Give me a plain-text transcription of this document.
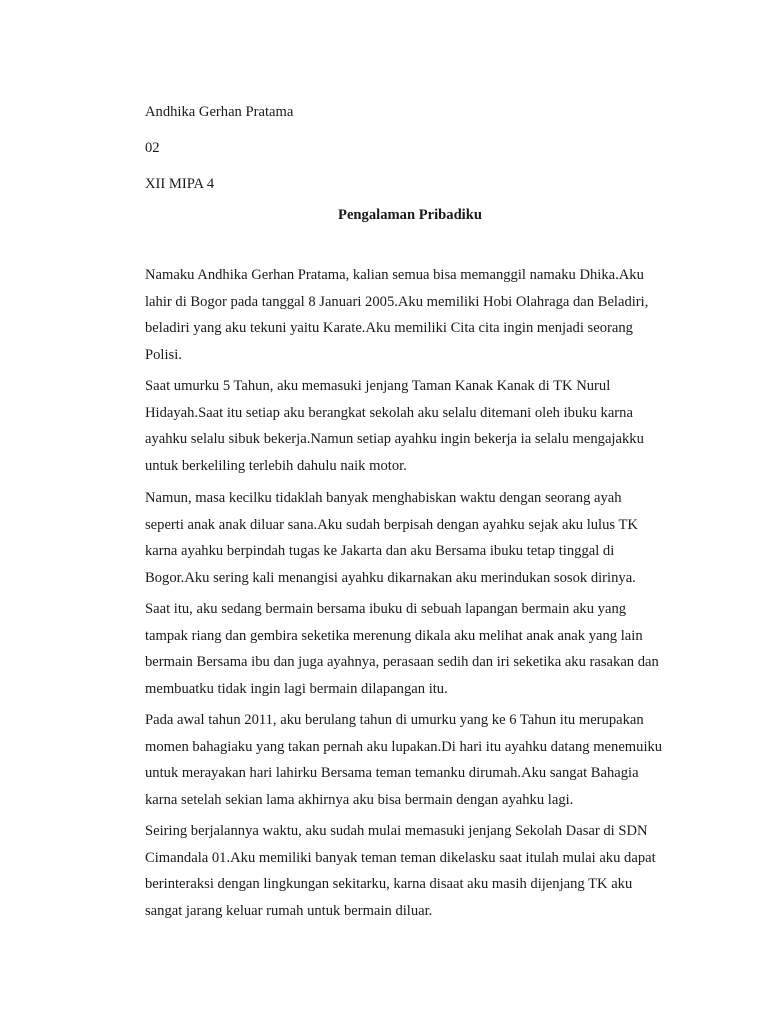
Andhika Gerhan Pratama
02
XII MIPA 4
Pengalaman Pribadiku
Namaku Andhika Gerhan Pratama, kalian semua bisa memanggil namaku Dhika.Aku
lahir di Bogor pada tanggal 8 Januari 2005.Aku memiliki Hobi Olahraga dan Beladiri,
beladiri yang aku tekuni yaitu Karate.Aku memiliki Cita cita ingin menjadi seorang
Polisi.
Saat umurku 5 Tahun, aku memasuki jenjang Taman Kanak Kanak di TK Nurul
Hidayah.Saat itu setiap aku berangkat sekolah aku selalu ditemani oleh ibuku karna
ayahku selalu sibuk bekerja.Namun setiap ayahku ingin bekerja ia selalu mengajakku
untuk berkeliling terlebih dahulu naik motor.
Namun, masa kecilku tidaklah banyak menghabiskan waktu dengan seorang ayah
seperti anak anak diluar sana.Aku sudah berpisah dengan ayahku sejak aku lulus TK
karna ayahku berpindah tugas ke Jakarta dan aku Bersama ibuku tetap tinggal di
Bogor.Aku sering kali menangisi ayahku dikarnakan aku merindukan sosok dirinya.
Saat itu, aku sedang bermain bersama ibuku di sebuah lapangan bermain aku yang
tampak riang dan gembira seketika merenung dikala aku melihat anak anak yang lain
bermain Bersama ibu dan juga ayahnya, perasaan sedih dan iri seketika aku rasakan dan
membuatku tidak ingin lagi bermain dilapangan itu.
Pada awal tahun 2011, aku berulang tahun di umurku yang ke 6 Tahun itu merupakan
momen bahagiaku yang takan pernah aku lupakan.Di hari itu ayahku datang menemuiku
untuk merayakan hari lahirku Bersama teman temanku dirumah.Aku sangat Bahagia
karna setelah sekian lama akhirnya aku bisa bermain dengan ayahku lagi.
Seiring berjalannya waktu, aku sudah mulai memasuki jenjang Sekolah Dasar di SDN
Cimandala 01.Aku memiliki banyak teman teman dikelasku saat itulah mulai aku dapat
berinteraksi dengan lingkungan sekitarku, karna disaat aku masih dijenjang TK aku
sangat jarang keluar rumah untuk bermain diluar.
